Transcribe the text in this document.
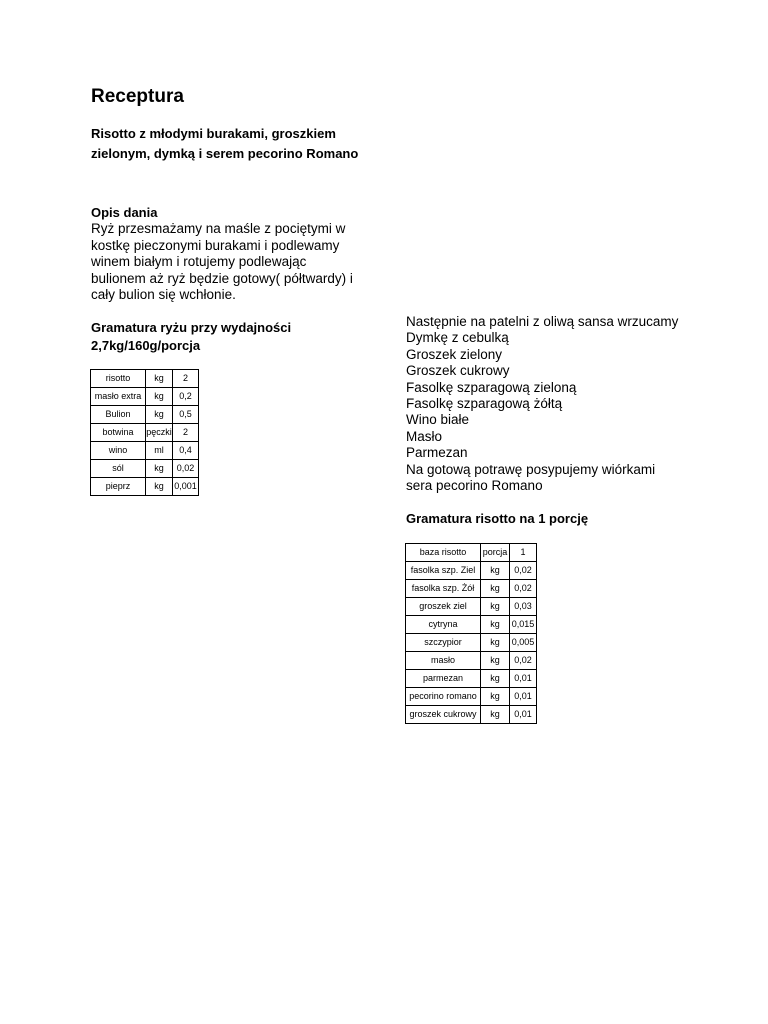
Receptura
Risotto z młodymi burakami, groszkiem
zielonym, dymką i serem pecorino Romano
Opis dania
Ryż przesmażamy na maśle z pociętymi w
kostkę pieczonymi burakami i podlewamy
winem białym i rotujemy podlewając
bulionem aż ryż będzie gotowy( półtwardy) i
cały bulion się wchłonie.
Gramatura ryżu przy wydajności
2,7kg/160g/porcja
risotto	kg	2
masło extra	kg	0,2
Bulion	kg	0,5
botwina	pęczki	2
wino	ml	0,4
sól	kg	0,02
pieprz	kg	0,001
Następnie na patelni z oliwą sansa wrzucamy
Dymkę z cebulką
Groszek zielony
Groszek cukrowy
Fasolkę szparagową zieloną
Fasolkę szparagową żółtą
Wino białe
Masło
Parmezan
Na gotową potrawę posypujemy wiórkami
sera pecorino Romano
Gramatura risotto na 1 porcję
baza risotto	porcja	1
fasolka szp. Ziel	kg	0,02
fasolka szp. Żół	kg	0,02
groszek ziel	kg	0,03
cytryna	kg	0,015
szczypior	kg	0,005
masło	kg	0,02
parmezan	kg	0,01
pecorino romano	kg	0,01
groszek cukrowy	kg	0,01
